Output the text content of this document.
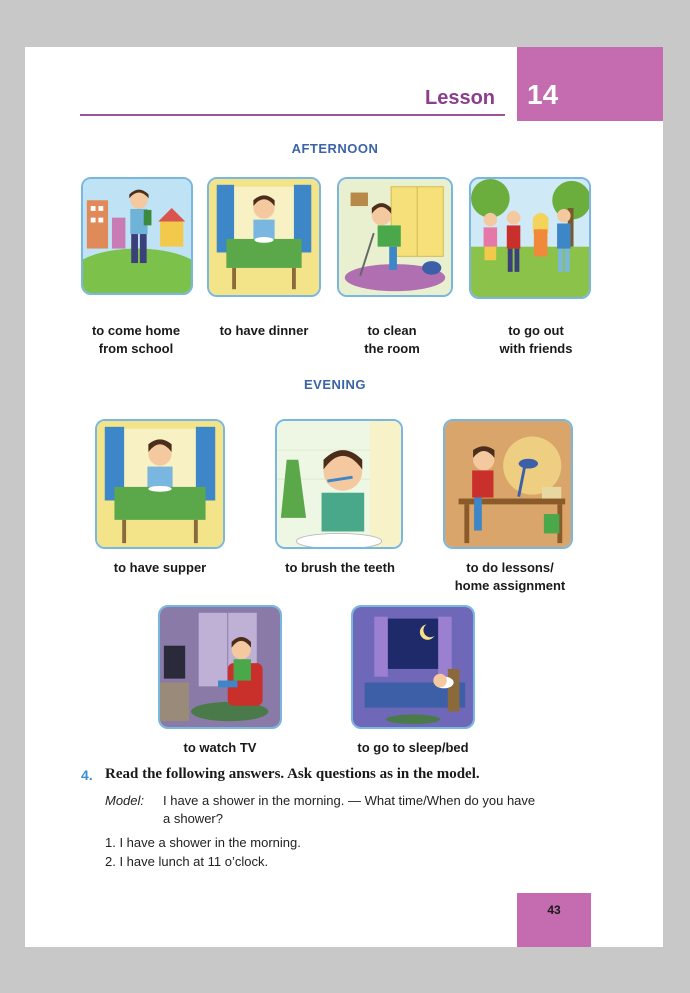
Lesson 14
AFTERNOON
to come home
from school
to have dinner	to clean
the room
to go out
with friends
EVENING
to have supper	to brush the teeth	to do lessons/
home assignment
to watch TV	to go to sleep/bed
4. Read the following answers. Ask questions as in the model.
Model: I have a shower in the morning. — What time/When do you have
a shower?
1. I have a shower in the morning.
2. I have lunch at 11 o’clock.
43
